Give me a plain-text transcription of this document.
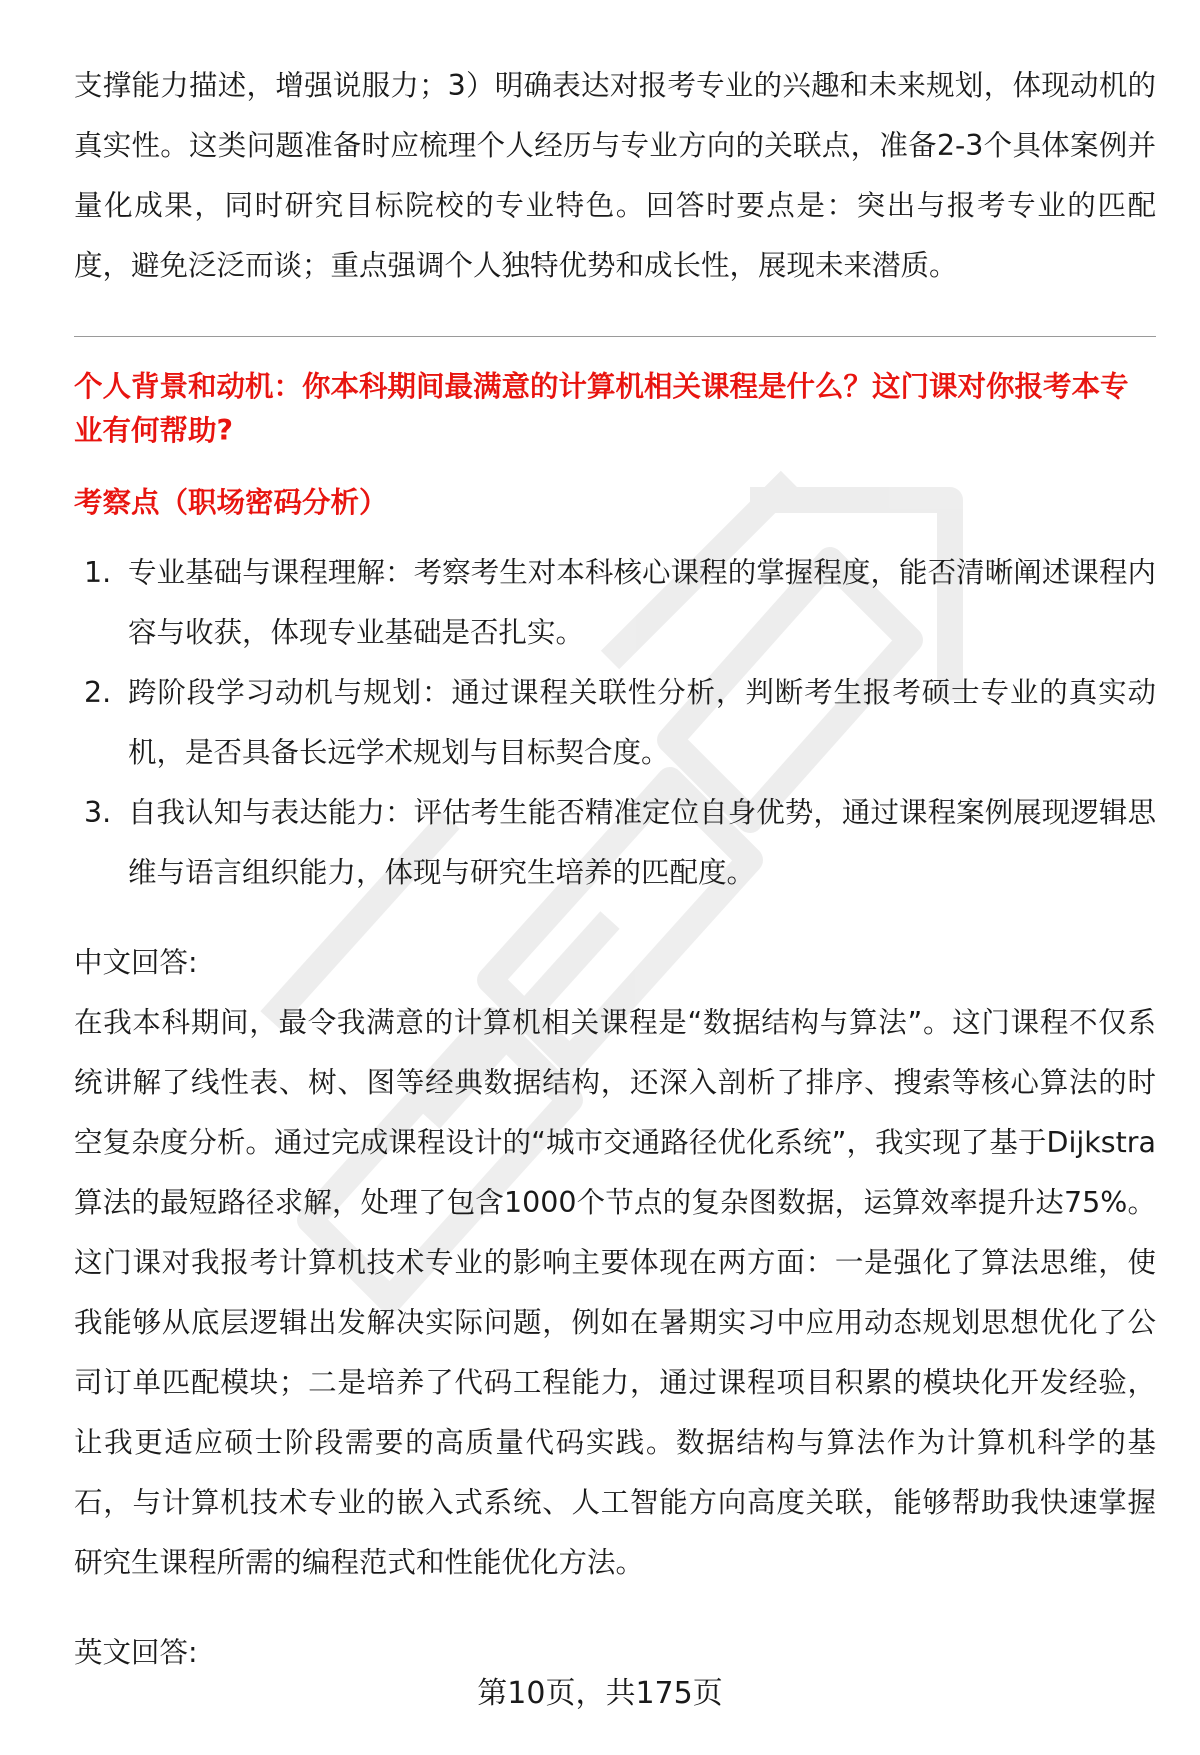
支撑能力描述，增强说服力；3）明确表达对报考专业的兴趣和未来规划，体现动机的真实性。这类问题准备时应梳理个人经历与专业方向的关联点，准备2-3个具体案例并量化成果，同时研究目标院校的专业特色。回答时要点是：突出与报考专业的匹配度，避免泛泛而谈；重点强调个人独特优势和成长性，展现未来潜质。

个人背景和动机：你本科期间最满意的计算机相关课程是什么？这门课对你报考本专业有何帮助?

考察点（职场密码分析）

1. 专业基础与课程理解：考察考生对本科核心课程的掌握程度，能否清晰阐述课程内容与收获，体现专业基础是否扎实。
2. 跨阶段学习动机与规划：通过课程关联性分析，判断考生报考硕士专业的真实动机，是否具备长远学术规划与目标契合度。
3. 自我认知与表达能力：评估考生能否精准定位自身优势，通过课程案例展现逻辑思维与语言组织能力，体现与研究生培养的匹配度。

中文回答:

在我本科期间，最令我满意的计算机相关课程是“数据结构与算法”。这门课程不仅系统讲解了线性表、树、图等经典数据结构，还深入剖析了排序、搜索等核心算法的时空复杂度分析。通过完成课程设计的“城市交通路径优化系统”，我实现了基于Dijkstra算法的最短路径求解，处理了包含1000个节点的复杂图数据，运算效率提升达75%。这门课对我报考计算机技术专业的影响主要体现在两方面：一是强化了算法思维，使我能够从底层逻辑出发解决实际问题，例如在暑期实习中应用动态规划思想优化了公司订单匹配模块；二是培养了代码工程能力，通过课程项目积累的模块化开发经验，让我更适应硕士阶段需要的高质量代码实践。数据结构与算法作为计算机科学的基石，与计算机技术专业的嵌入式系统、人工智能方向高度关联，能够帮助我快速掌握研究生课程所需的编程范式和性能优化方法。

英文回答:

第10页，共175页
